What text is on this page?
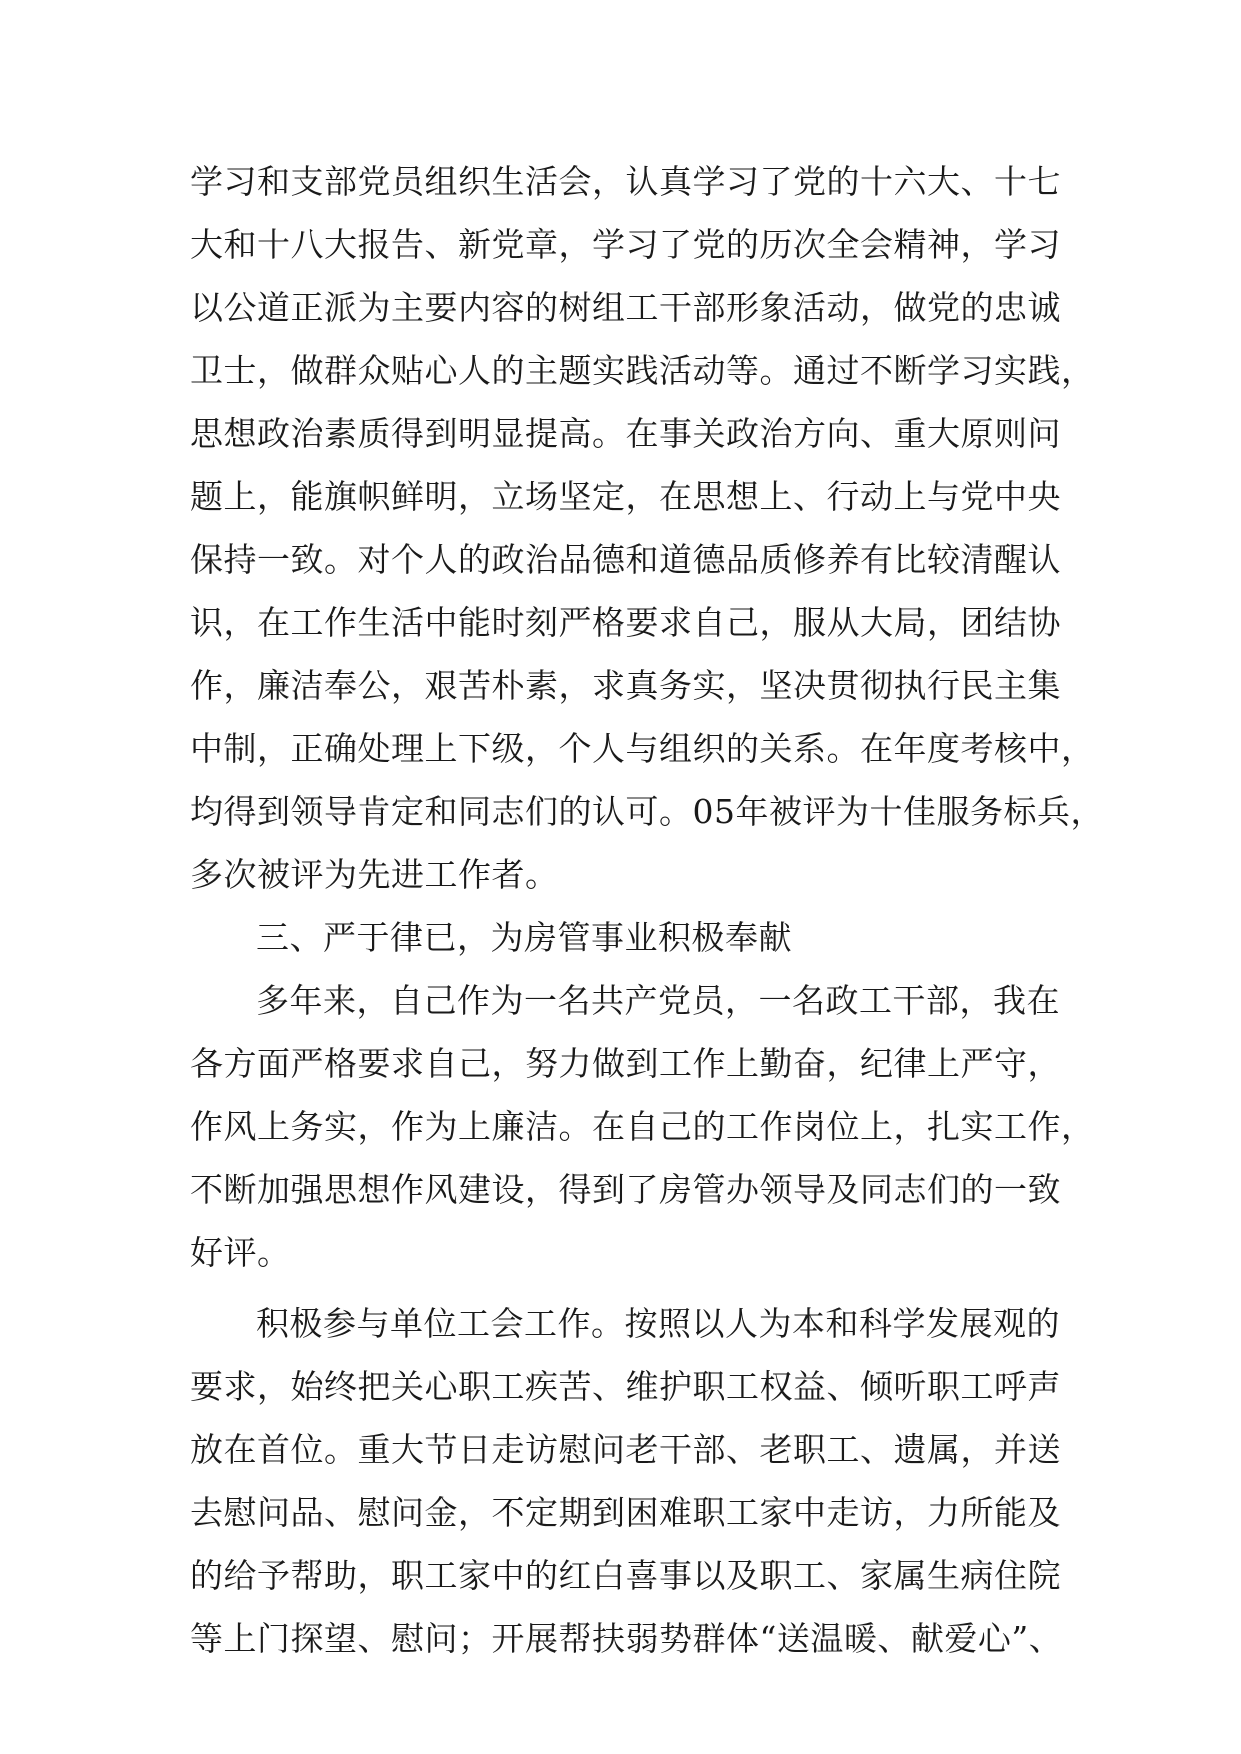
学习和支部党员组织生活会，认真学习了党的十六大、十七
大和十八大报告、新党章，学习了党的历次全会精神，学习
以公道正派为主要内容的树组工干部形象活动，做党的忠诚
卫士，做群众贴心人的主题实践活动等。通过不断学习实践，
思想政治素质得到明显提高。在事关政治方向、重大原则问
题上，能旗帜鲜明，立场坚定，在思想上、行动上与党中央
保持一致。对个人的政治品德和道德品质修养有比较清醒认
识，在工作生活中能时刻严格要求自己，服从大局，团结协
作，廉洁奉公，艰苦朴素，求真务实，坚决贯彻执行民主集
中制，正确处理上下级，个人与组织的关系。在年度考核中，
均得到领导肯定和同志们的认可。05年被评为十佳服务标兵，
多次被评为先进工作者。
三、严于律已，为房管事业积极奉献
多年来，自己作为一名共产党员，一名政工干部，我在
各方面严格要求自己，努力做到工作上勤奋，纪律上严守，
作风上务实，作为上廉洁。在自己的工作岗位上，扎实工作，
不断加强思想作风建设，得到了房管办领导及同志们的一致
好评。
积极参与单位工会工作。按照以人为本和科学发展观的
要求，始终把关心职工疾苦、维护职工权益、倾听职工呼声
放在首位。重大节日走访慰问老干部、老职工、遗属，并送
去慰问品、慰问金，不定期到困难职工家中走访，力所能及
的给予帮助，职工家中的红白喜事以及职工、家属生病住院
等上门探望、慰问；开展帮扶弱势群体“送温暖、献爱心”、
